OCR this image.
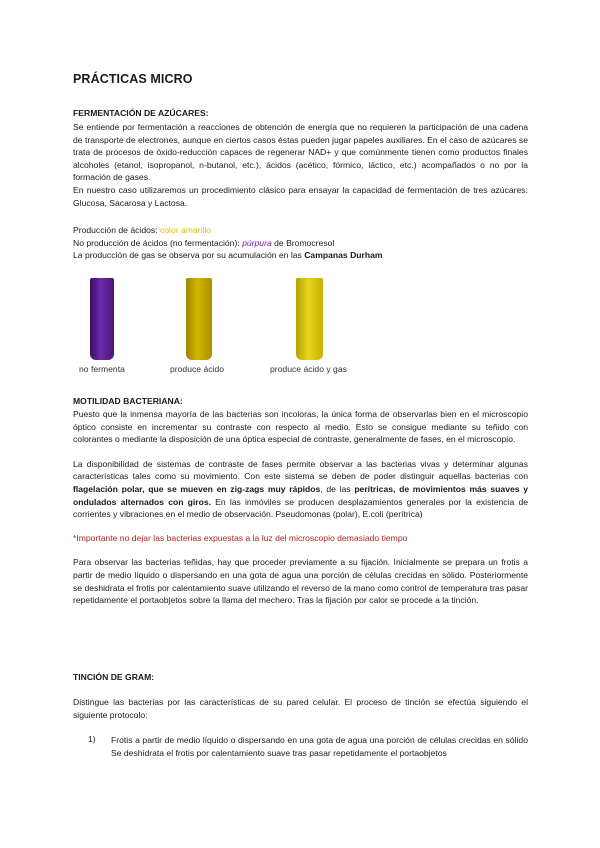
PRÁCTICAS MICRO

FERMENTACIÓN DE AZÚCARES:

Se entiende por fermentación a reacciones de obtención de energía que no requieren la participación de una cadena de transporte de electrones, aunque en ciertos casos éstas pueden jugar papeles auxiliares. En el caso de azúcares se trata de procesos de óxido-reducción capaces de regenerar NAD+ y que comúnmente tienen como productos finales alcoholes (etanol, isopropanol, n-butanol, etc.), ácidos (acético, fórmico, láctico, etc.) acompañados o no por la formación de gases.

En nuestro caso utilizaremos un procedimiento clásico para ensayar la capacidad de fermentación de tres azúcares: Glucosa, Sacarosa y Lactosa.

Producción de ácidos: color amarillo

No producción de ácidos (no fermentación): púrpura de Bromocresol

La producción de gas se observa por su acumulación en las Campanas Durham

no fermenta	produce ácido	produce ácido y gas

MOTILIDAD BACTERIANA:

Puesto que la inmensa mayoría de las bacterias son incoloras, la única forma de observarlas bien en el microscopio óptico consiste en incrementar su contraste con respecto al medio. Esto se consigue mediante su teñido con colorantes o mediante la disposición de una óptica especial de contraste, generalmente de fases, en el microscopio.

La disponibilidad de sistemas de contraste de fases permite observar a las bacterias vivas y determinar algunas características tales como su movimiento. Con este sistema se deben de poder distinguir aquellas bacterias con flagelación polar, que se mueven en zig-zags muy rápidos, de las perítricas, de movimientos más suaves y ondulados alternados con giros. En las inmóviles se producen desplazamientos generales por la existencia de corrientes y vibraciones en el medio de observación. Pseudomonas (polar), E.coli (perítrica)

*Importante no dejar las bacterias expuestas a la luz del microscopio demasiado tiempo

Para observar las bacterias teñidas, hay que proceder previamente a su fijación. Inicialmente se prepara un frotis a partir de medio líquido o dispersando en una gota de agua una porción de células crecidas en sólido. Posteriormente se deshidrata el frotis por calentamiento suave utilizando el reverso de la mano como control de temperatura tras pasar repetidamente el portaobjetos sobre la llama del mechero. Tras la fijación por calor se procede a la tinción.

TINCIÓN DE GRAM:

Distingue las bacterias por las características de su pared celular. El proceso de tinción se efectúa siguiendo el siguiente protocolo:

1) Frotis a partir de medio líquido o dispersando en una gota de agua una porción de células crecidas en sólido Se deshidrata el frotis por calentamiento suave tras pasar repetidamente el portaobjetos
